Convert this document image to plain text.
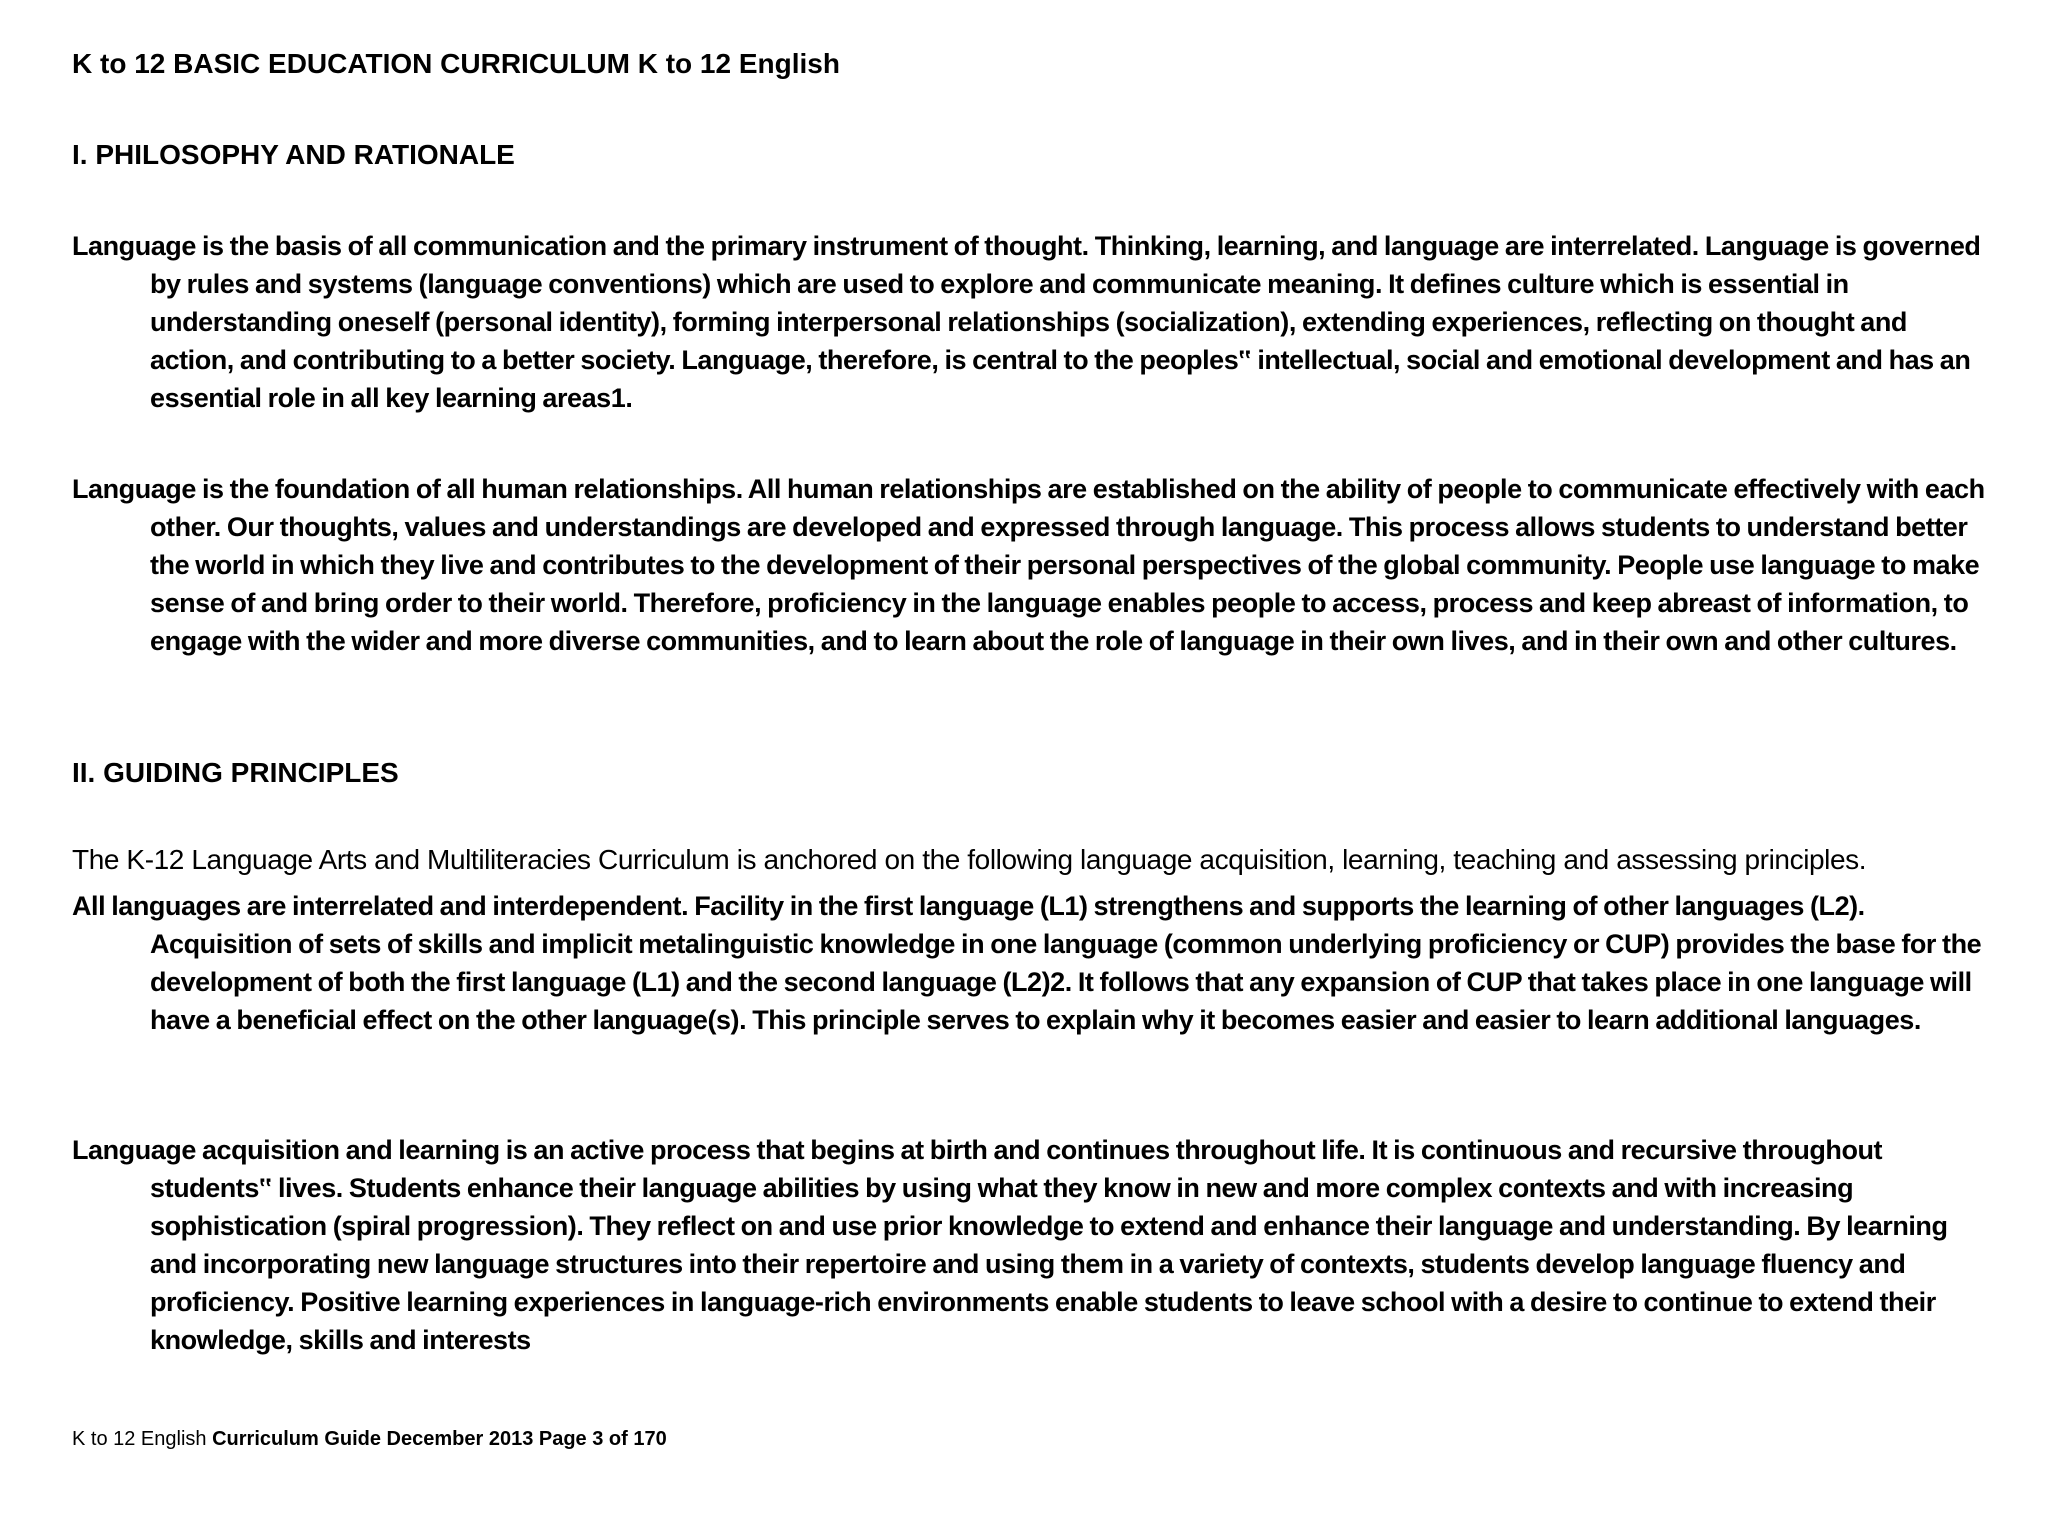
K to 12 BASIC EDUCATION CURRICULUM K to 12 English
I. PHILOSOPHY AND RATIONALE

Language is the basis of all communication and the primary instrument of thought. Thinking, learning, and language are interrelated. Language is governed by rules and systems (language conventions) which are used to explore and communicate meaning. It defines culture which is essential in understanding oneself (personal identity), forming interpersonal relationships (socialization), extending experiences, reflecting on thought and action, and contributing to a better society. Language, therefore, is central to the peoples‟ intellectual, social and emotional development and has an essential role in all key learning areas1.

Language is the foundation of all human relationships. All human relationships are established on the ability of people to communicate effectively with each other. Our thoughts, values and understandings are developed and expressed through language. This process allows students to understand better the world in which they live and contributes to the development of their personal perspectives of the global community. People use language to make sense of and bring order to their world. Therefore, proficiency in the language enables people to access, process and keep abreast of information, to engage with the wider and more diverse communities, and to learn about the role of language in their own lives, and in their own and other cultures.

II. GUIDING PRINCIPLES
The K-12 Language Arts and Multiliteracies Curriculum is anchored on the following language acquisition, learning, teaching and assessing principles.

All languages are interrelated and interdependent. Facility in the first language (L1) strengthens and supports the learning of other languages (L2). Acquisition of sets of skills and implicit metalinguistic knowledge in one language (common underlying proficiency or CUP) provides the base for the development of both the first language (L1) and the second language (L2)2. It follows that any expansion of CUP that takes place in one language will have a beneficial effect on the other language(s). This principle serves to explain why it becomes easier and easier to learn additional languages.

Language acquisition and learning is an active process that begins at birth and continues throughout life. It is continuous and recursive throughout students‟ lives. Students enhance their language abilities by using what they know in new and more complex contexts and with increasing sophistication (spiral progression). They reflect on and use prior knowledge to extend and enhance their language and understanding. By learning and incorporating new language structures into their repertoire and using them in a variety of contexts, students develop language fluency and proficiency. Positive learning experiences in language-rich environments enable students to leave school with a desire to continue to extend their knowledge, skills and interests

K to 12 English Curriculum Guide December 2013 Page 3 of 170
